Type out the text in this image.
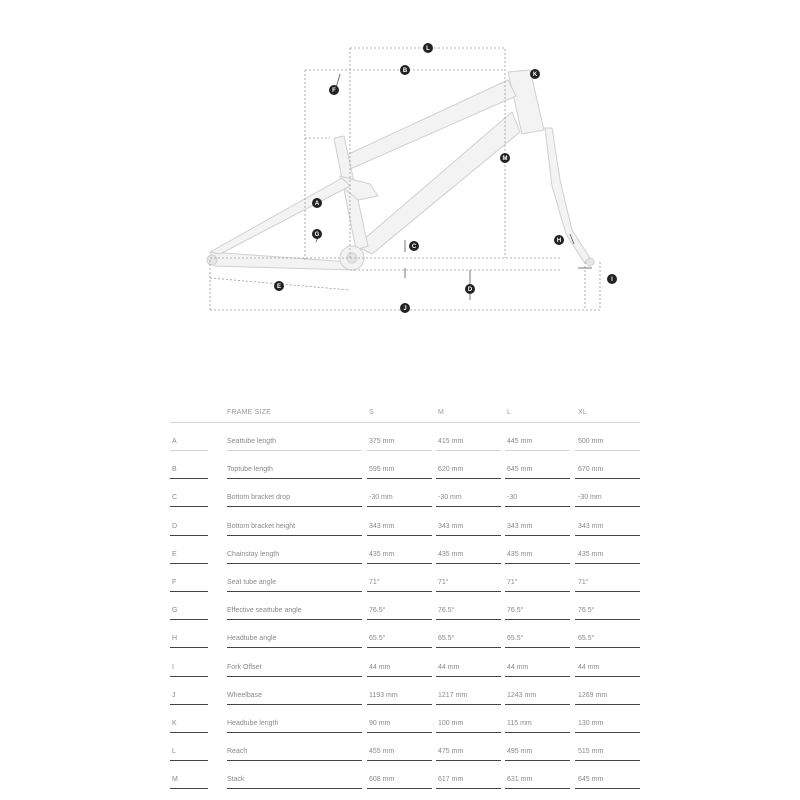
L
B
K
F
M
A
G
C
H
I
E	D
J
FRAME SIZE	S	M	L	XL
A	Seattube length	375 mm	415 mm	445 mm	500 mm
B	Toptube length	595 mm	620 mm	645 mm	670 mm
C	Bottom bracket drop	-30 mm	-30 mm	-30	-30 mm
D	Bottom bracket height	343 mm	343 mm	343 mm	343 mm
E	Chainstay length	435 mm	435 mm	435 mm	435 mm
F	Seat tube angle	71°	71°	71°	71°
G	Effective seattube angle	76.5°	76.5°	76.5°	76.5°
H	Headtube angle	65.5°	65.5°	65.5°	65.5°
I	Fork Offset	44 mm	44 mm	44 mm	44 mm
J	Wheelbase	1193 mm	1217 mm	1243 mm	1269 mm
K	Headtube length	90 mm	100 mm	115 mm	130 mm
L	Reach	455 mm	475 mm	495 mm	515 mm
M	Stack	608 mm	617 mm	631 mm	645 mm
